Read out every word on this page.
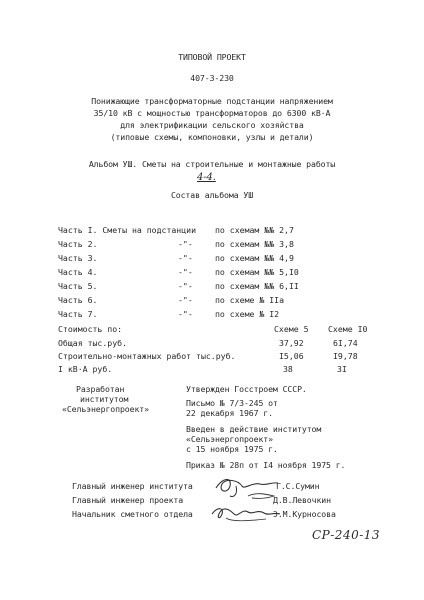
ТИПОВОЙ ПРОЕКТ
407-3-230
Понижающие трансформаторные подстанции напряжением
35/10 кВ с мощностью трансформаторов до 6300 кВ·А
для электрификации сельского хозяйства
(типовые схемы, компоновки, узлы и детали)
Альбом УШ. Сметы на строительные и монтажные работы
4-4.
Состав альбома УШ
Часть I. Сметы на подстанции по схемам №№ 2,7
Часть 2.	-"-	по схемам №№ 3,8
Часть 3.	-"-	по схемам №№ 4,9
Часть 4.	-"-	по схемам №№ 5,I0
Часть 5.	-"-	по схемам №№ 6,II
Часть 6.	-"-	по схеме № IIа
Часть 7.	-"-	по схеме № I2
Стоимость по:	Схеме 5 Схеме I0
Общая тыс.руб.	37,92	6I,74
Строительно-монтажных работ тыс.руб.	I5,06	I9,78
I кВ·А руб.	38	3I
Разработан
институтом
«Сельэнергопроект»
Утвержден Госстроем СССР.
Письмо № 7/3-245 от
22 декабря 1967 г.
Введен в действие институтом
«Сельэнергопроект»
с 15 ноября 1975 г.
Приказ № 28п от I4 ноября 1975 г.
Главный инженер института	Г.С.Сумин
Главный инженер проекта	Д.В.Левочкин
Начальник сметного отдела	Э.М.Курносова
СР-240-13
